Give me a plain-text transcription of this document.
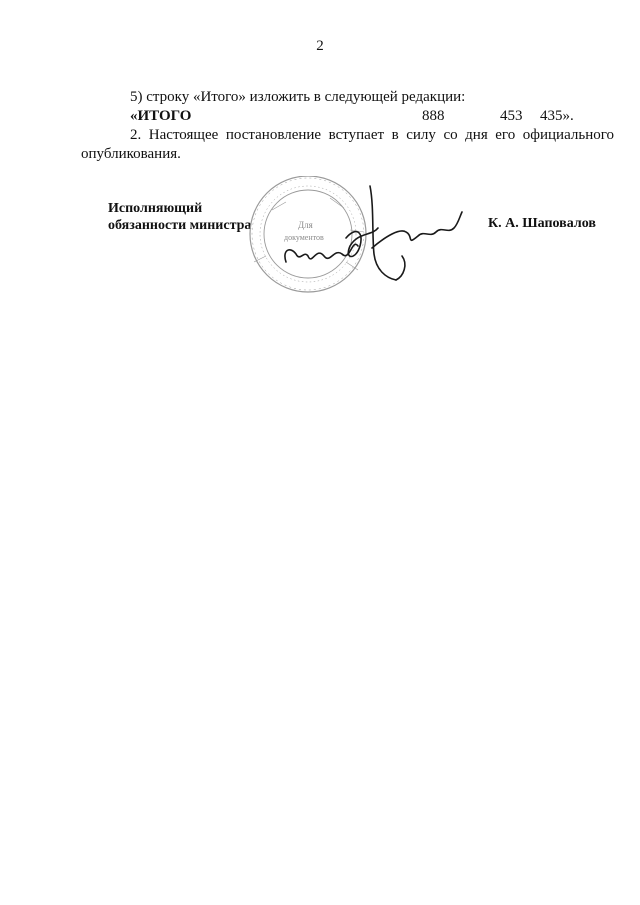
2
5) строку «Итого» изложить в следующей редакции:
«ИТОГО	888	453 435».
2. Настоящее постановление вступает в силу со дня его официального
опубликования.
Исполняющий
обязанности министра	Для
документов
К. А. Шаповалов
